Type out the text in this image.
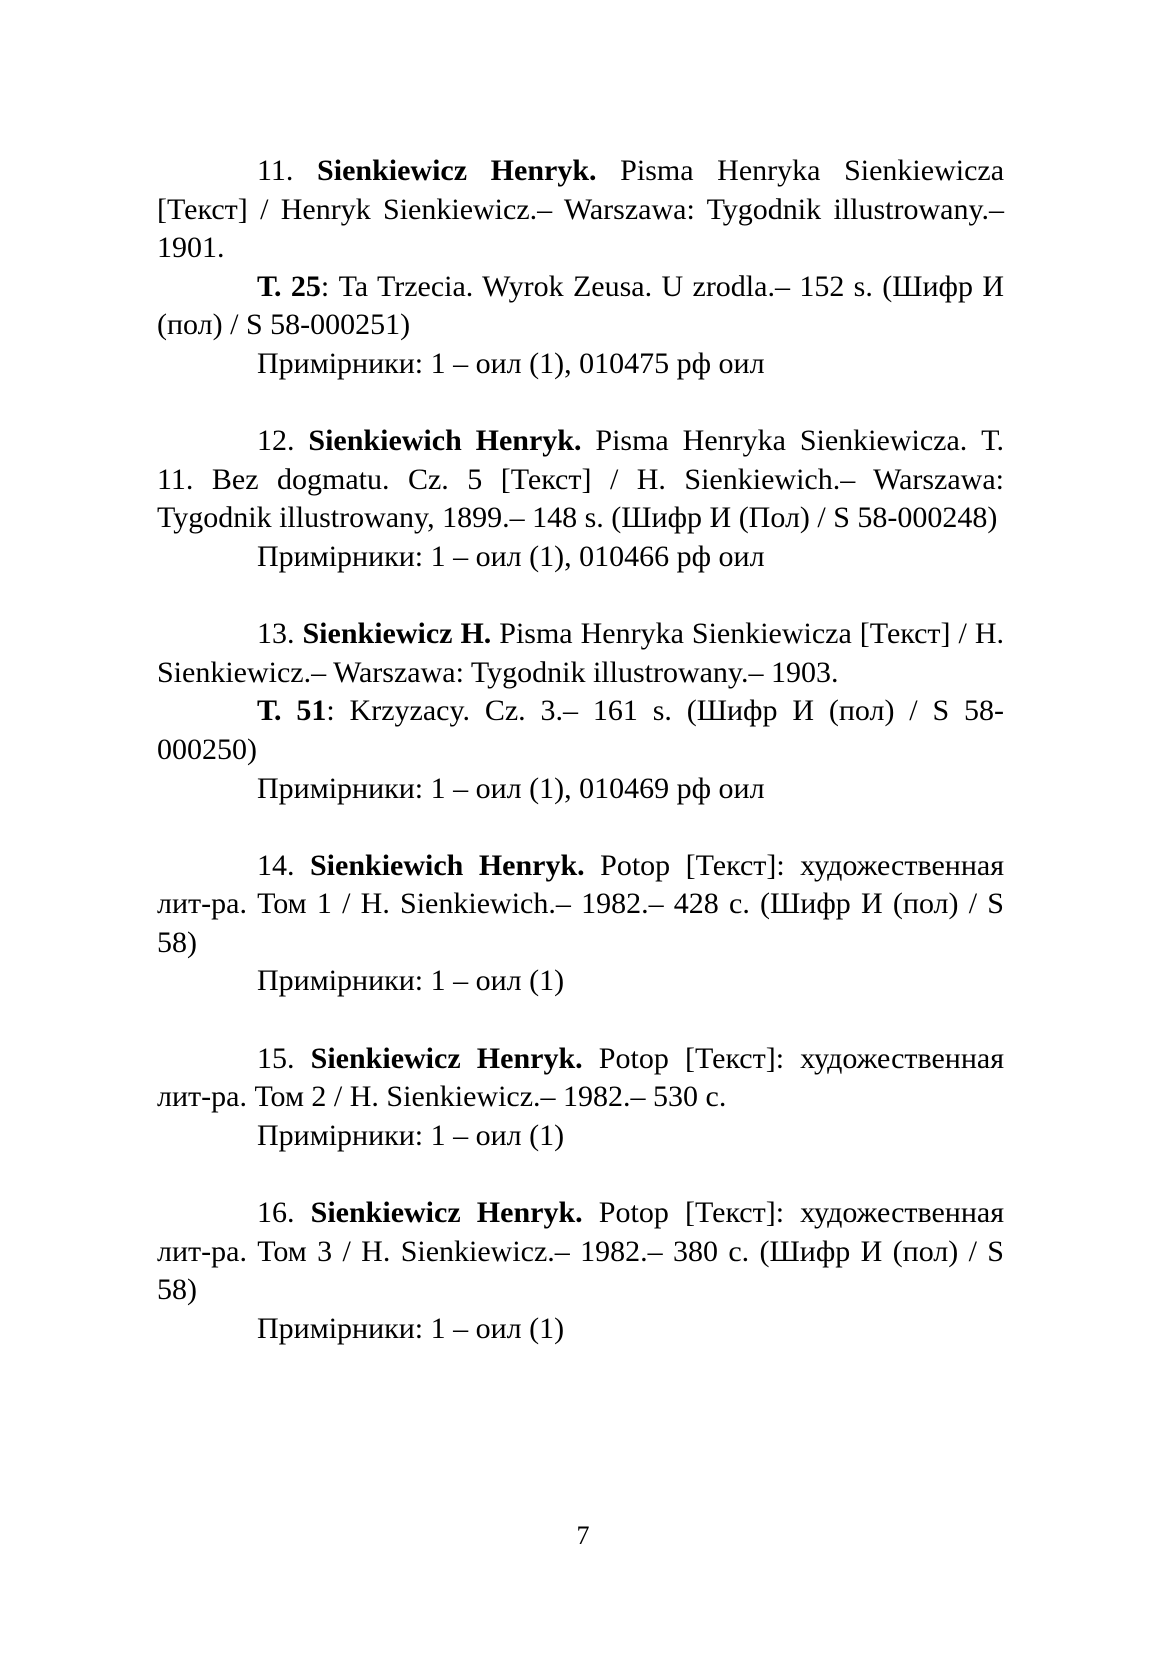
11. Sienkiewicz Henryk. Pisma Henryka Sienkiewicza [Текст] / Henryk Sienkiewicz.– Warszawa: Tygodnik illustrowany.– 1901.

Т. 25: Ta Trzecia. Wyrok Zeusa. U zrodla.– 152 s. (Шифр И (пол) / S 58-000251)

Примірники: 1 – оил (1), 010475 рф оил

12. Sienkiewich Henryk. Pisma Henryka Sienkiewicza. Т. 11. Bez dogmatu. Cz. 5 [Текст] / H. Sienkiewich.– Warszawa: Tygodnik illustrowany, 1899.– 148 s. (Шифр И (Пол) / S 58-000248)

Примірники: 1 – оил (1), 010466 рф оил

13. Sienkiewicz H. Pisma Henryka Sienkiewicza [Текст] / H. Sienkiewicz.– Warszawa: Tygodnik illustrowany.– 1903.

Т. 51: Krzyzacy. Cz. 3.– 161 s. (Шифр И (пол) / S 58-000250)

Примірники: 1 – оил (1), 010469 рф оил

14. Sienkiewich Henryk. Potop [Текст]: художественная лит-ра. Том 1 / H. Sienkiewich.– 1982.– 428 с. (Шифр И (пол) / S 58)

Примірники: 1 – оил (1)

15. Sienkiewicz Henryk. Potop [Текст]: художественная лит-ра. Том 2 / H. Sienkiewicz.– 1982.– 530 с.

Примірники: 1 – оил (1)

16. Sienkiewicz Henryk. Potop [Текст]: художественная лит-ра. Том 3 / H. Sienkiewicz.– 1982.– 380 с. (Шифр И (пол) / S 58)

Примірники: 1 – оил (1)

7
